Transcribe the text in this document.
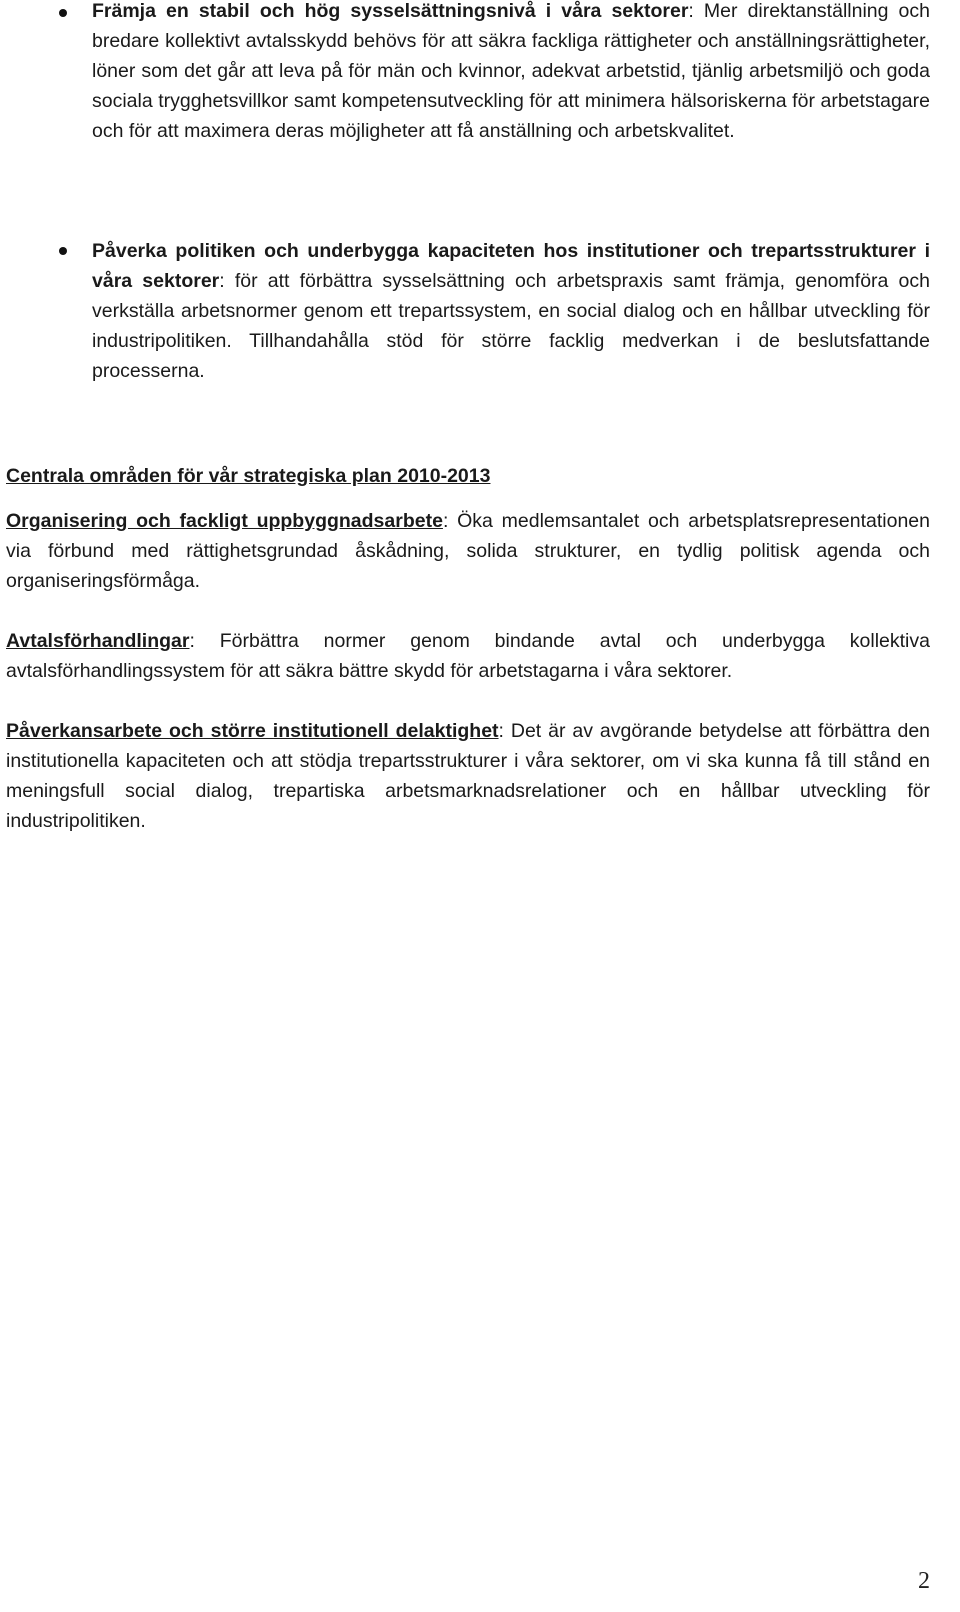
Främja en stabil och hög sysselsättningsnivå i våra sektorer: Mer direktanställning och bredare kollektivt avtalsskydd behövs för att säkra fackliga rättigheter och anställningsrättigheter, löner som det går att leva på för män och kvinnor, adekvat arbetstid, tjänlig arbetsmiljö och goda sociala trygghetsvillkor samt kompetensutveckling för att minimera hälsoriskerna för arbetstagare och för att maximera deras möjligheter att få anställning och arbetskvalitet.
Påverka politiken och underbygga kapaciteten hos institutioner och trepartsstrukturer i våra sektorer: för att förbättra sysselsättning och arbetspraxis samt främja, genomföra och verkställa arbetsnormer genom ett trepartssystem, en social dialog och en hållbar utveckling för industripolitiken. Tillhandahålla stöd för större facklig medverkan i de beslutsfattande processerna.
Centrala områden för vår strategiska plan 2010-2013
Organisering och fackligt uppbyggnadsarbete: Öka medlemsantalet och arbetsplatsrepresentationen via förbund med rättighetsgrundad åskådning, solida strukturer, en tydlig politisk agenda och organiseringsförmåga.
Avtalsförhandlingar: Förbättra normer genom bindande avtal och underbygga kollektiva avtalsförhandlingssystem för att säkra bättre skydd för arbetstagarna i våra sektorer.
Påverkansarbete och större institutionell delaktighet: Det är av avgörande betydelse att förbättra den institutionella kapaciteten och att stödja trepartsstrukturer i våra sektorer, om vi ska kunna få till stånd en meningsfull social dialog, trepartiska arbetsmarknadsrelationer och en hållbar utveckling för industripolitiken.
2
